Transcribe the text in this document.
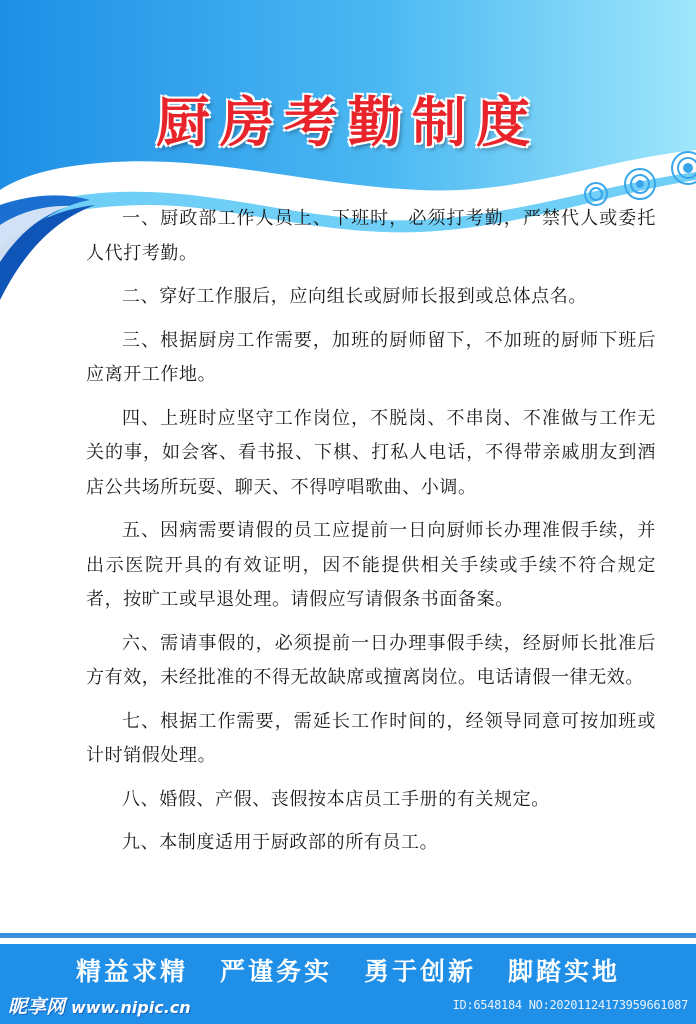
厨房考勤制度

一、厨政部工作人员上、下班时，必须打考勤，严禁代人或委托人代打考勤。

二、穿好工作服后，应向组长或厨师长报到或总体点名。

三、根据厨房工作需要，加班的厨师留下，不加班的厨师下班后应离开工作地。

四、上班时应坚守工作岗位，不脱岗、不串岗、不准做与工作无关的事，如会客、看书报、下棋、打私人电话，不得带亲戚朋友到酒店公共场所玩耍、聊天、不得哼唱歌曲、小调。

五、因病需要请假的员工应提前一日向厨师长办理准假手续，并出示医院开具的有效证明，因不能提供相关手续或手续不符合规定者，按旷工或早退处理。请假应写请假条书面备案。

六、需请事假的，必须提前一日办理事假手续，经厨师长批准后方有效，未经批准的不得无故缺席或擅离岗位。电话请假一律无效。

七、根据工作需要，需延长工作时间的，经领导同意可按加班或计时销假处理。

八、婚假、产假、丧假按本店员工手册的有关规定。

九、本制度适用于厨政部的所有员工。

精益求精 严谨务实 勇于创新 脚踏实地
昵享网 www.nipic.cn	ID:6548184 NO:20201124173959661087
